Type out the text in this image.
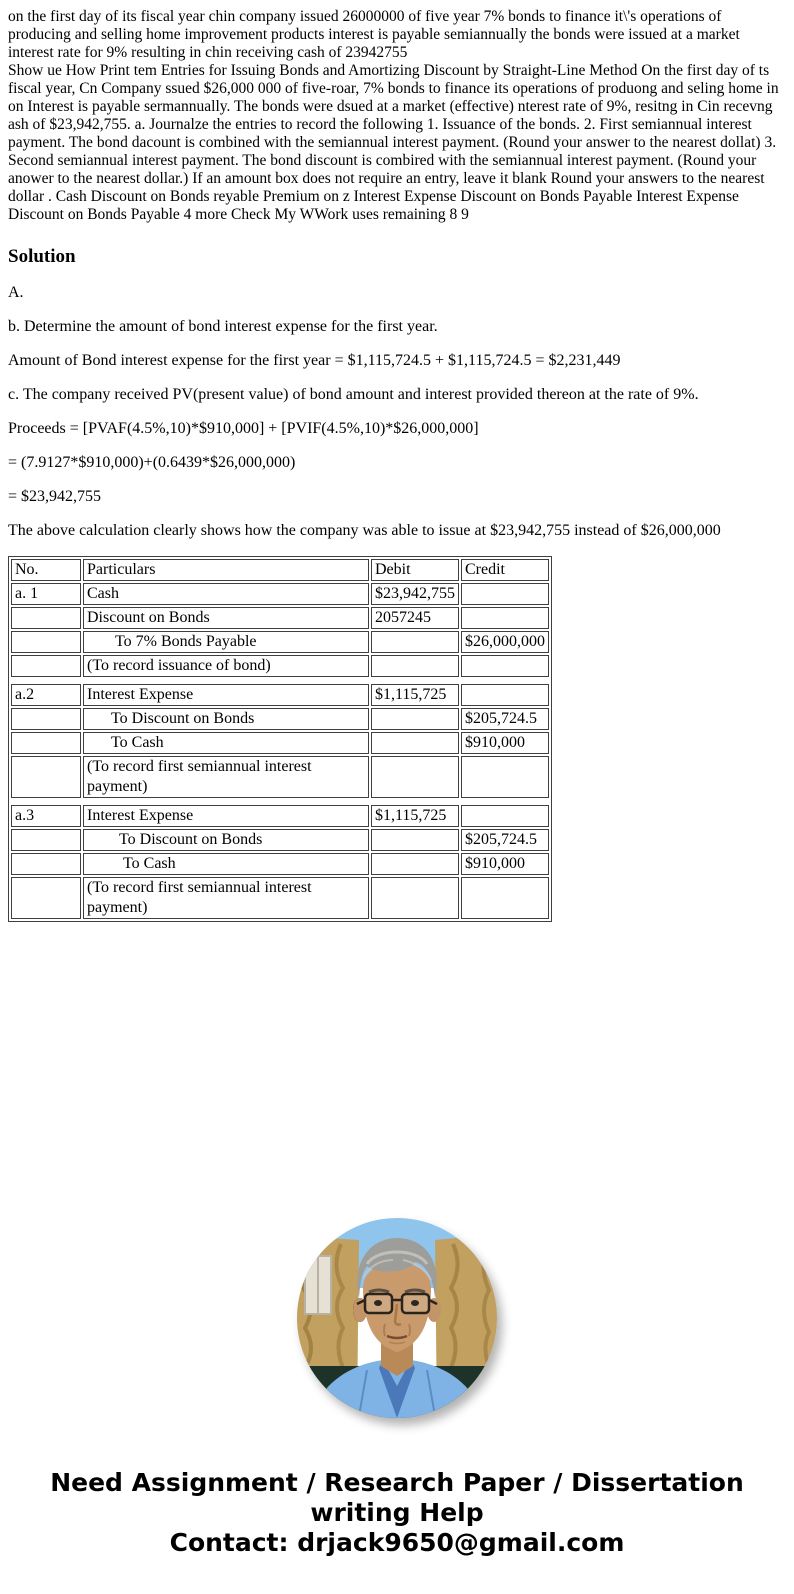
on the first day of its fiscal year chin company issued 26000000 of five year 7% bonds to finance it\'s operations of producing and selling home improvement products interest is payable semiannually the bonds were issued at a market interest rate for 9% resulting in chin receiving cash of 23942755
Show ue How Print tem Entries for Issuing Bonds and Amortizing Discount by Straight-Line Method On the first day of ts fiscal year, Cn Company ssued $26,000 000 of five-roar, 7% bonds to finance its operations of produong and seling home in on Interest is payable sermannually. The bonds were dsued at a market (effective) nterest rate of 9%, resitng in Cin recevng ash of $23,942,755. a. Journalze the entries to record the following 1. Issuance of the bonds. 2. First semiannual interest payment. The bond dacount is combined with the semiannual interest payment. (Round your answer to the nearest dollat) 3. Second semiannual interest payment. The bond discount is combired with the semiannual interest payment. (Round your anower to the nearest dollar.) If an amount box does not require an entry, leave it blank Round your answers to the nearest dollar . Cash Discount on Bonds reyable Premium on z Interest Expense Discount on Bonds Payable Interest Expense Discount on Bonds Payable 4 more Check My WWork uses remaining 8 9
Solution

A.

b. Determine the amount of bond interest expense for the first year.

Amount of Bond interest expense for the first year = $1,115,724.5 + $1,115,724.5 = $2,231,449

c. The company received PV(present value) of bond amount and interest provided thereon at the rate of 9%.

Proceeds = [PVAF(4.5%,10)*$910,000] + [PVIF(4.5%,10)*$26,000,000]

= (7.9127*$910,000)+(0.6439*$26,000,000)

= $23,942,755

The above calculation clearly shows how the company was able to issue at $23,942,755 instead of $26,000,000

No.	Particulars	Debit	Credit
a. 1	Cash	$23,942,755	
	Discount on Bonds	2057245	
	To 7% Bonds Payable		$26,000,000
	(To record issuance of bond)		

a.2	Interest Expense	$1,115,725	
	To Discount on Bonds		$205,724.5
	To Cash		$910,000
	(To record first semiannual interest payment)		

a.3	Interest Expense	$1,115,725	
	To Discount on Bonds		$205,724.5
	To Cash		$910,000
	(To record first semiannual interest payment)		
Need Assignment / Research Paper / Dissertation
writing Help
Contact: drjack9650@gmail.com
